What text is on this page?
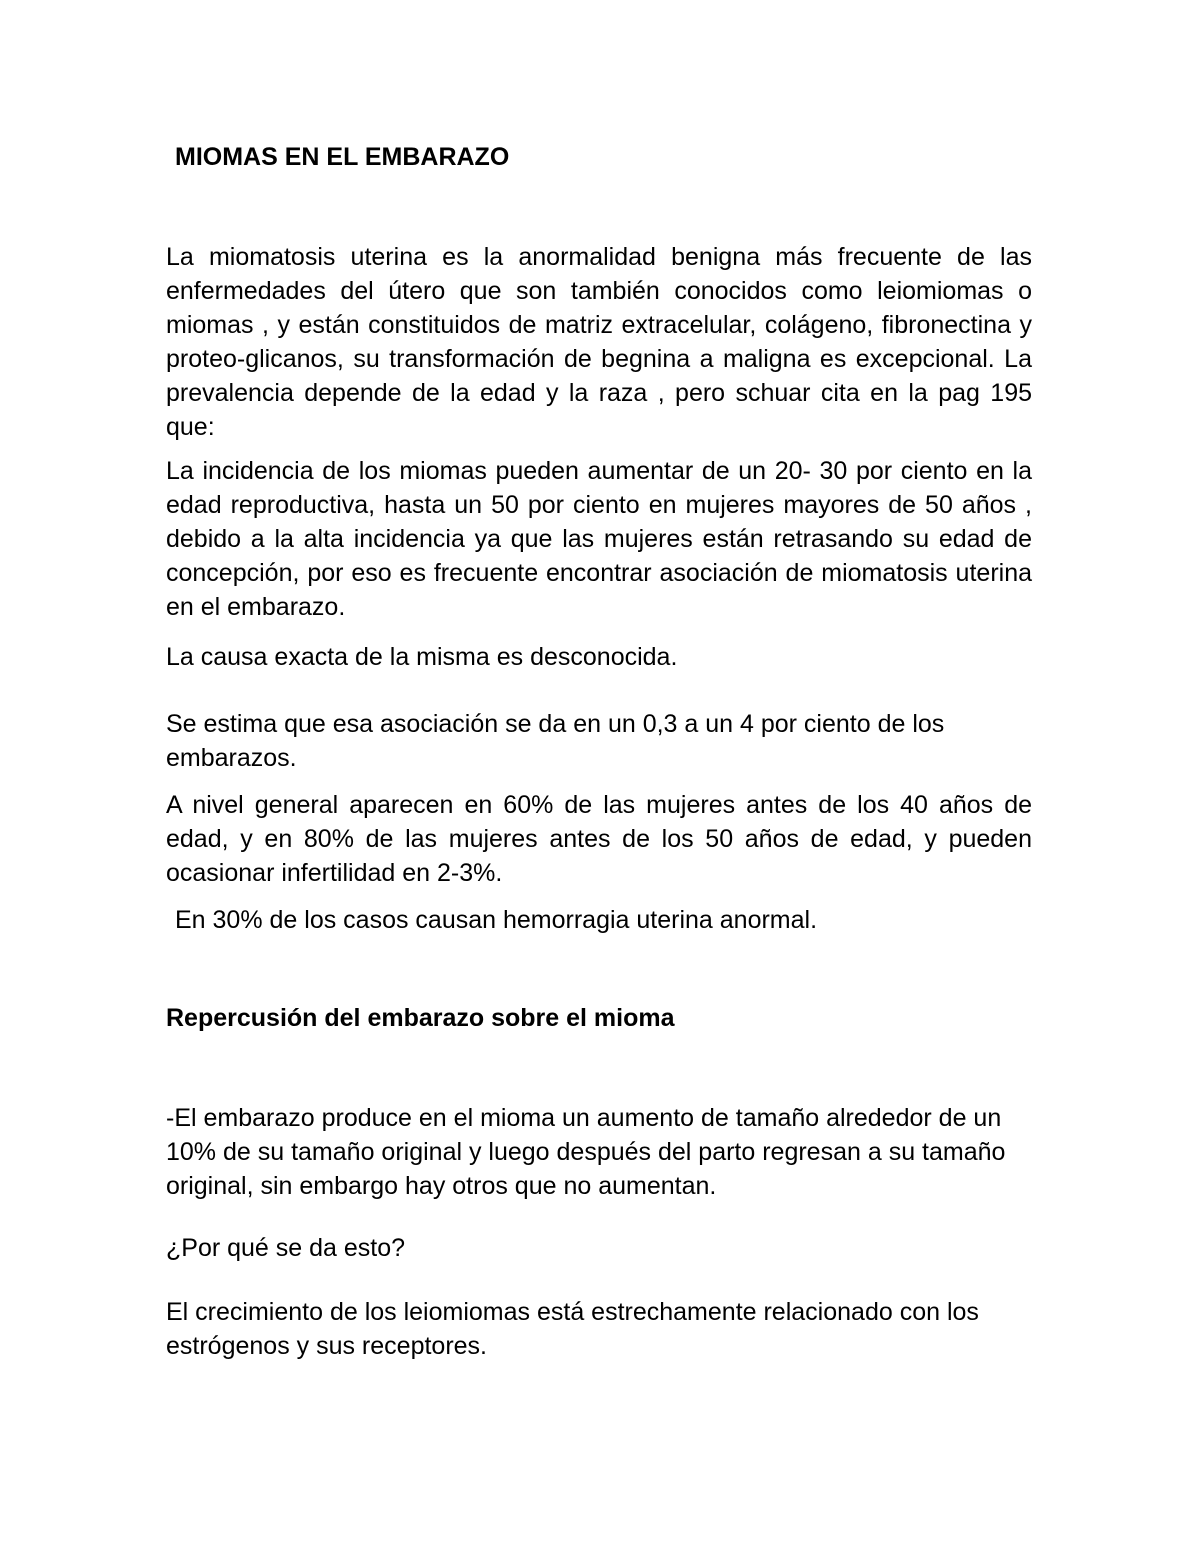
MIOMAS EN EL EMBARAZO

La miomatosis uterina es la anormalidad benigna más frecuente de las enfermedades del útero que son también conocidos como leiomiomas o miomas , y están constituidos de matriz extracelular, colágeno, fibronectina y proteo-glicanos, su transformación de begnina a maligna es excepcional. La prevalencia depende de la edad y la raza , pero schuar cita en la pag 195 que:

La incidencia de los miomas pueden aumentar de un 20- 30 por ciento en la edad reproductiva, hasta un 50 por ciento en mujeres mayores de 50 años , debido a la alta incidencia ya que las mujeres están retrasando su edad de concepción, por eso es frecuente encontrar asociación de miomatosis uterina en el embarazo.

La causa exacta de la misma es desconocida.

Se estima que esa asociación se da en un 0,3 a un 4 por ciento de los embarazos.

A nivel general aparecen en 60% de las mujeres antes de los 40 años de edad, y en 80% de las mujeres antes de los 50 años de edad, y pueden ocasionar infertilidad en 2-3%.

En 30% de los casos causan hemorragia uterina anormal.

Repercusión del embarazo sobre el mioma

-El embarazo produce en el mioma un aumento de tamaño alrededor de un 10% de su tamaño original y luego después del parto regresan a su tamaño original, sin embargo hay otros que no aumentan.

¿Por qué se da esto?

El crecimiento de los leiomiomas está estrechamente relacionado con los estrógenos y sus receptores.
